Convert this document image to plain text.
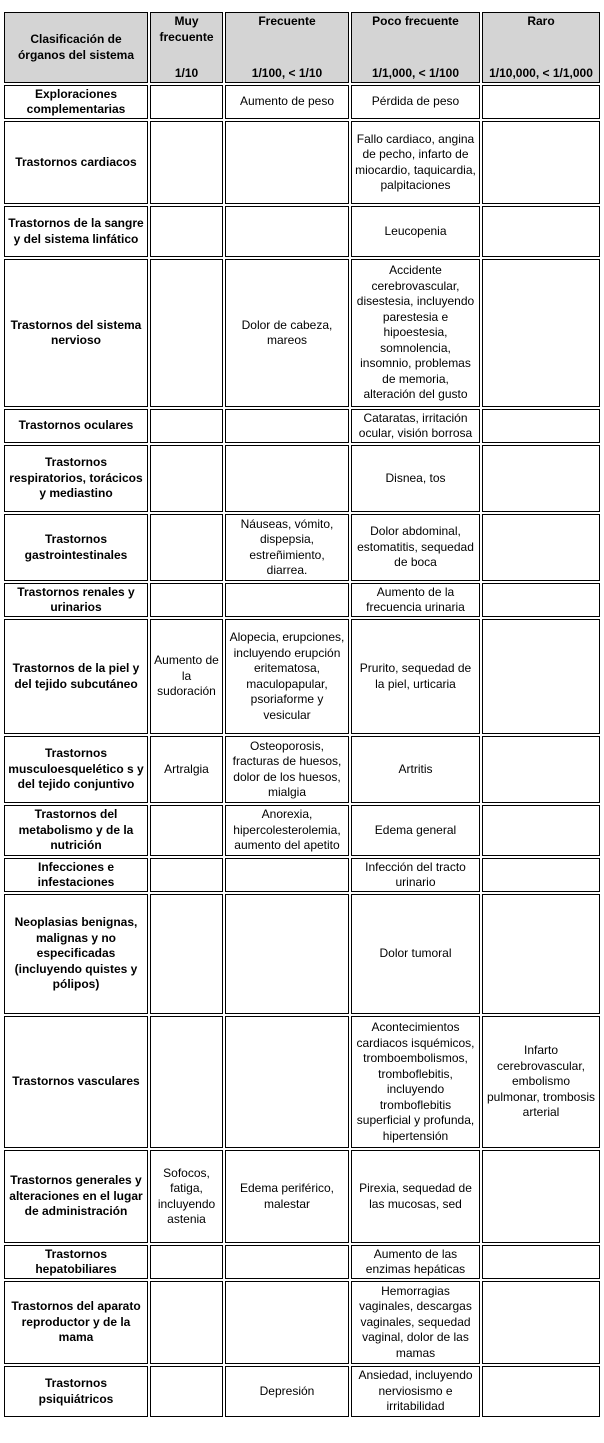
Clasificación de órganos del sistema
Muy frecuente
1/10
Frecuente
1/100, < 1/10
Poco frecuente
1/1,000, < 1/100
Raro
1/10,000, < 1/1,000
Exploraciones complementarias
Aumento de peso	Pérdida de peso
Trastornos cardiacos
Fallo cardiaco, angina de pecho, infarto de miocardio, taquicardia, palpitaciones
Trastornos de la sangre y del sistema linfático
Leucopenia
Trastornos del sistema nervioso
Dolor de cabeza, mareos
Accidente cerebrovascular, disestesia, incluyendo parestesia e hipoestesia, somnolencia, insomnio, problemas de memoria, alteración del gusto
Trastornos oculares
Cataratas, irritación ocular, visión borrosa
Trastornos respiratorios, torácicos y mediastino
Disnea, tos
Trastornos gastrointestinales
Náuseas, vómito, dispepsia, estreñimiento, diarrea.
Dolor abdominal, estomatitis, sequedad de boca
Trastornos renales y urinarios
Aumento de la frecuencia urinaria
Trastornos de la piel y del tejido subcutáneo
Aumento de la sudoración
Alopecia, erupciones, incluyendo erupción eritematosa, maculopapular, psoriaforme y vesicular
Prurito, sequedad de la piel, urticaria
Trastornos musculoesquelético s y del tejido conjuntivo
Artralgia
Osteoporosis, fracturas de huesos, dolor de los huesos, mialgia
Artritis
Trastornos del metabolismo y de la nutrición
Anorexia, hipercolesterolemia, aumento del apetito
Edema general
Infecciones e infestaciones
Infección del tracto urinario
Neoplasias benignas, malignas y no especificadas (incluyendo quistes y pólipos)
Dolor tumoral
Trastornos vasculares
Acontecimientos cardiacos isquémicos, tromboembolismos, tromboflebitis, incluyendo tromboflebitis superficial y profunda, hipertensión
Infarto cerebrovascular, embolismo pulmonar, trombosis arterial
Trastornos generales y alteraciones en el lugar de administración
Sofocos, fatiga, incluyendo astenia
Edema periférico, malestar
Pirexia, sequedad de las mucosas, sed
Trastornos hepatobiliares
Aumento de las enzimas hepáticas
Trastornos del aparato reproductor y de la mama
Hemorragias vaginales, descargas vaginales, sequedad vaginal, dolor de las mamas
Trastornos psiquiátricos
Depresión
Ansiedad, incluyendo nerviosismo e irritabilidad
